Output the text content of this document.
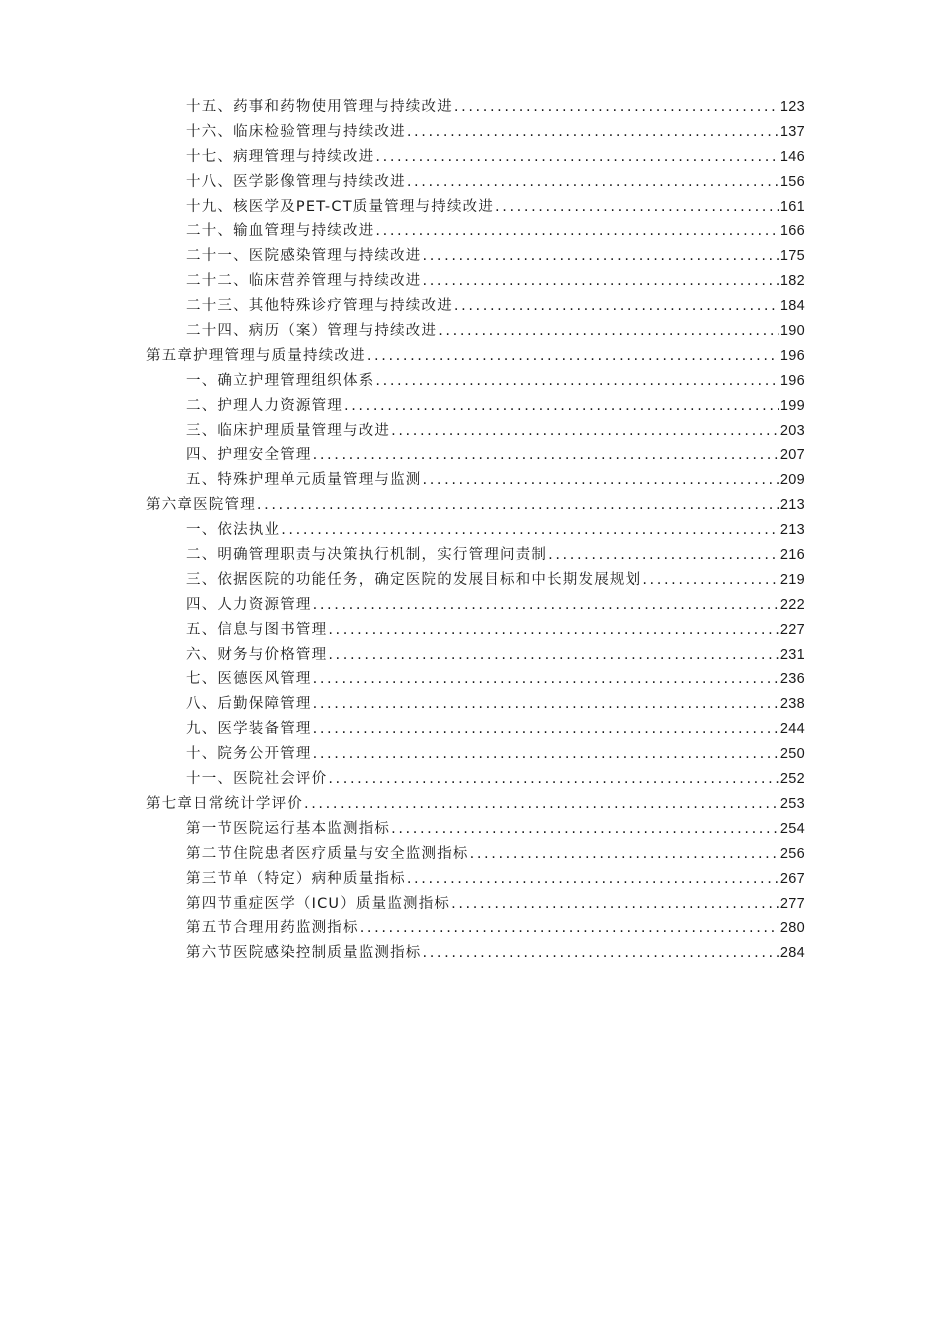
十五、药事和药物使用管理与持续改进 .....	123
十六、临床检验管理与持续改进 .....	137
十七、病理管理与持续改进 .....	146
十八、医学影像管理与持续改进 .....	156
十九、核医学及PET-CT质量管理与持续改进 .....	161
二十、输血管理与持续改进 .....	166
二十一、医院感染管理与持续改进 .....	175
二十二、临床营养管理与持续改进 .....	182
二十三、其他特殊诊疗管理与持续改进 .....	184
二十四、病历（案）管理与持续改进 .....	190
第五章护理管理与质量持续改进 .....	196
一、确立护理管理组织体系 .....	196
二、护理人力资源管理 .....	199
三、临床护理质量管理与改进 .....	203
四、护理安全管理 .....	207
五、特殊护理单元质量管理与监测 .....	209
第六章医院管理 .....	213
一、依法执业 .....	213
二、明确管理职责与决策执行机制，实行管理问责制 .....	216
三、依据医院的功能任务，确定医院的发展目标和中长期发展规划 .....	219
四、人力资源管理 .....	222
五、信息与图书管理 .....	227
六、财务与价格管理 .....	231
七、医德医风管理 .....	236
八、后勤保障管理 .....	238
九、医学装备管理 .....	244
十、院务公开管理 .....	250
十一、医院社会评价 .....	252
第七章日常统计学评价 .....	253
第一节医院运行基本监测指标 .....	254
第二节住院患者医疗质量与安全监测指标 .....	256
第三节单（特定）病种质量指标 .....	267
第四节重症医学（ICU）质量监测指标 .....	277
第五节合理用药监测指标 .....	280
第六节医院感染控制质量监测指标 .....	284
